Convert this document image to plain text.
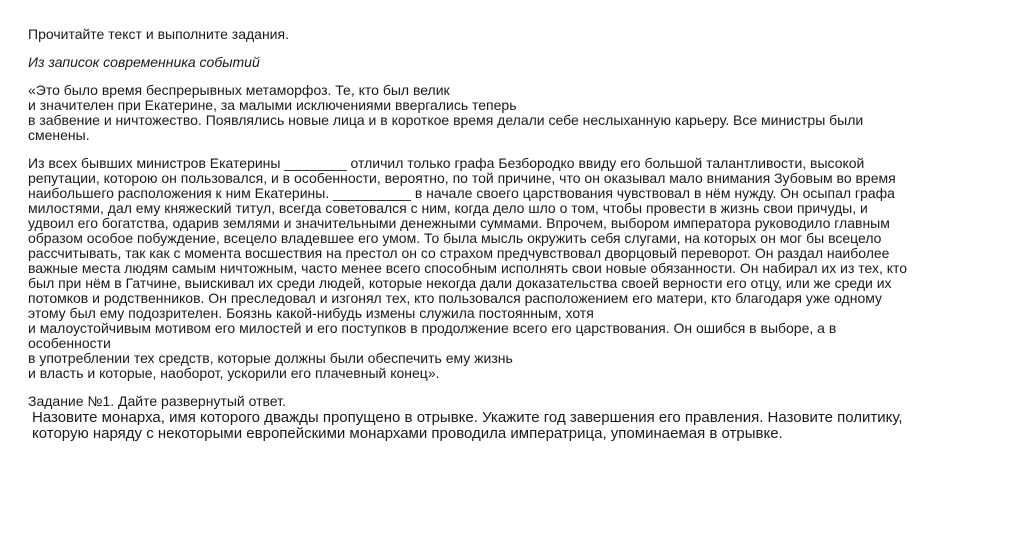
Прочитайте текст и выполните задания.
Из записок современника событий
«Это было время беспрерывных метаморфоз. Те, кто был велик
и значителен при Екатерине, за малыми исключениями ввергались теперь
в забвение и ничтожество. Появлялись новые лица и в короткое время делали себе неслыханную карьеру. Все министры были
сменены.
Из всех бывших министров Екатерины ________ отличил только графа Безбородко ввиду его большой талантливости, высокой
репутации, которою он пользовался, и в особенности, вероятно, по той причине, что он оказывал мало внимания Зубовым во время
наибольшего расположения к ним Екатерины. __________ в начале своего царствования чувствовал в нём нужду. Он осыпал графа
милостями, дал ему княжеский титул, всегда советовался с ним, когда дело шло о том, чтобы провести в жизнь свои причуды, и
удвоил его богатства, одарив землями и значительными денежными суммами. Впрочем, выбором императора руководило главным
образом особое побуждение, всецело владевшее его умом. То была мысль окружить себя слугами, на которых он мог бы всецело
рассчитывать, так как с момента восшествия на престол он со страхом предчувствовал дворцовый переворот. Он раздал наиболее
важные места людям самым ничтожным, часто менее всего способным исполнять свои новые обязанности. Он набирал их из тех, кто
был при нём в Гатчине, выискивал их среди людей, которые некогда дали доказательства своей верности его отцу, или же среди их
потомков и родственников. Он преследовал и изгонял тех, кто пользовался расположением его матери, кто благодаря уже одному
этому был ему подозрителен. Боязнь какой-нибудь измены служила постоянным, хотя
и малоустойчивым мотивом его милостей и его поступков в продолжение всего его царствования. Он ошибся в выборе, а в
особенности
в употреблении тех средств, которые должны были обеспечить ему жизнь
и власть и которые, наоборот, ускорили его плачевный конец».
Задание №1. Дайте развернутый ответ.
Назовите монарха, имя которого дважды пропущено в отрывке. Укажите год завершения его правления. Назовите политику,
которую наряду с некоторыми европейскими монархами проводила императрица, упоминаемая в отрывке.
